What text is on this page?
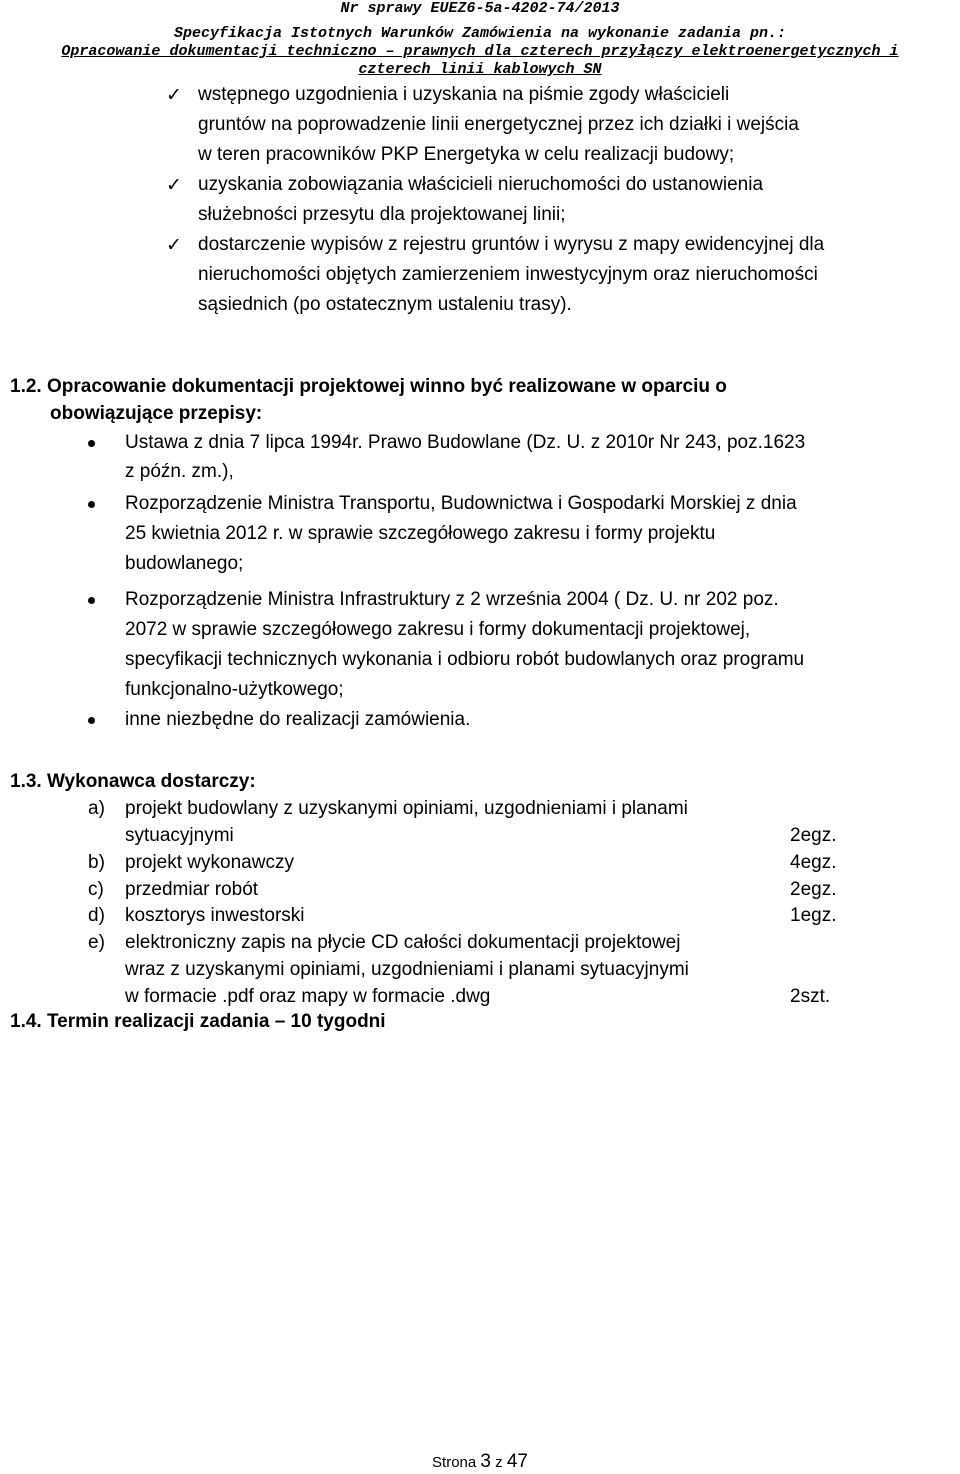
Nr sprawy EUEZ6-5a-4202-74/2013
Specyfikacja Istotnych Warunków Zamówienia na wykonanie zadania pn.:
Opracowanie dokumentacji techniczno – prawnych dla czterech przyłączy elektroenergetycznych i
czterech linii kablowych SN
✓ wstępnego uzgodnienia i uzyskania na piśmie zgody właścicieli
gruntów na poprowadzenie linii energetycznej przez ich działki i wejścia
w teren pracowników PKP Energetyka w celu realizacji budowy;
✓ uzyskania zobowiązania właścicieli nieruchomości do ustanowienia
służebności przesytu dla projektowanej linii;
✓ dostarczenie wypisów z rejestru gruntów i wyrysu z mapy ewidencyjnej dla
nieruchomości objętych zamierzeniem inwestycyjnym oraz nieruchomości
sąsiednich (po ostatecznym ustaleniu trasy).
1.2. Opracowanie dokumentacji projektowej winno być realizowane w oparciu o
obowiązujące przepisy:
Ustawa z dnia 7 lipca 1994r. Prawo Budowlane (Dz. U. z 2010r Nr 243, poz.1623
z późn. zm.),
Rozporządzenie Ministra Transportu, Budownictwa i Gospodarki Morskiej z dnia
25 kwietnia 2012 r. w sprawie szczegółowego zakresu i formy projektu
budowlanego;
Rozporządzenie Ministra Infrastruktury z 2 września 2004 ( Dz. U. nr 202 poz.
2072 w sprawie szczegółowego zakresu i formy dokumentacji projektowej,
specyfikacji technicznych wykonania i odbioru robót budowlanych oraz programu
funkcjonalno-użytkowego;
inne niezbędne do realizacji zamówienia.
1.3. Wykonawca dostarczy:
a) projekt budowlany z uzyskanymi opiniami, uzgodnieniami i planami
sytuacyjnymi	2egz.
b) projekt wykonawczy	4egz.
c) przedmiar robót	2egz.
d) kosztorys inwestorski	1egz.
e) elektroniczny zapis na płycie CD całości dokumentacji projektowej
wraz z uzyskanymi opiniami, uzgodnieniami i planami sytuacyjnymi
w formacie .pdf oraz mapy w formacie .dwg	2szt.
1.4. Termin realizacji zadania – 10 tygodni
Strona 3 z 47
